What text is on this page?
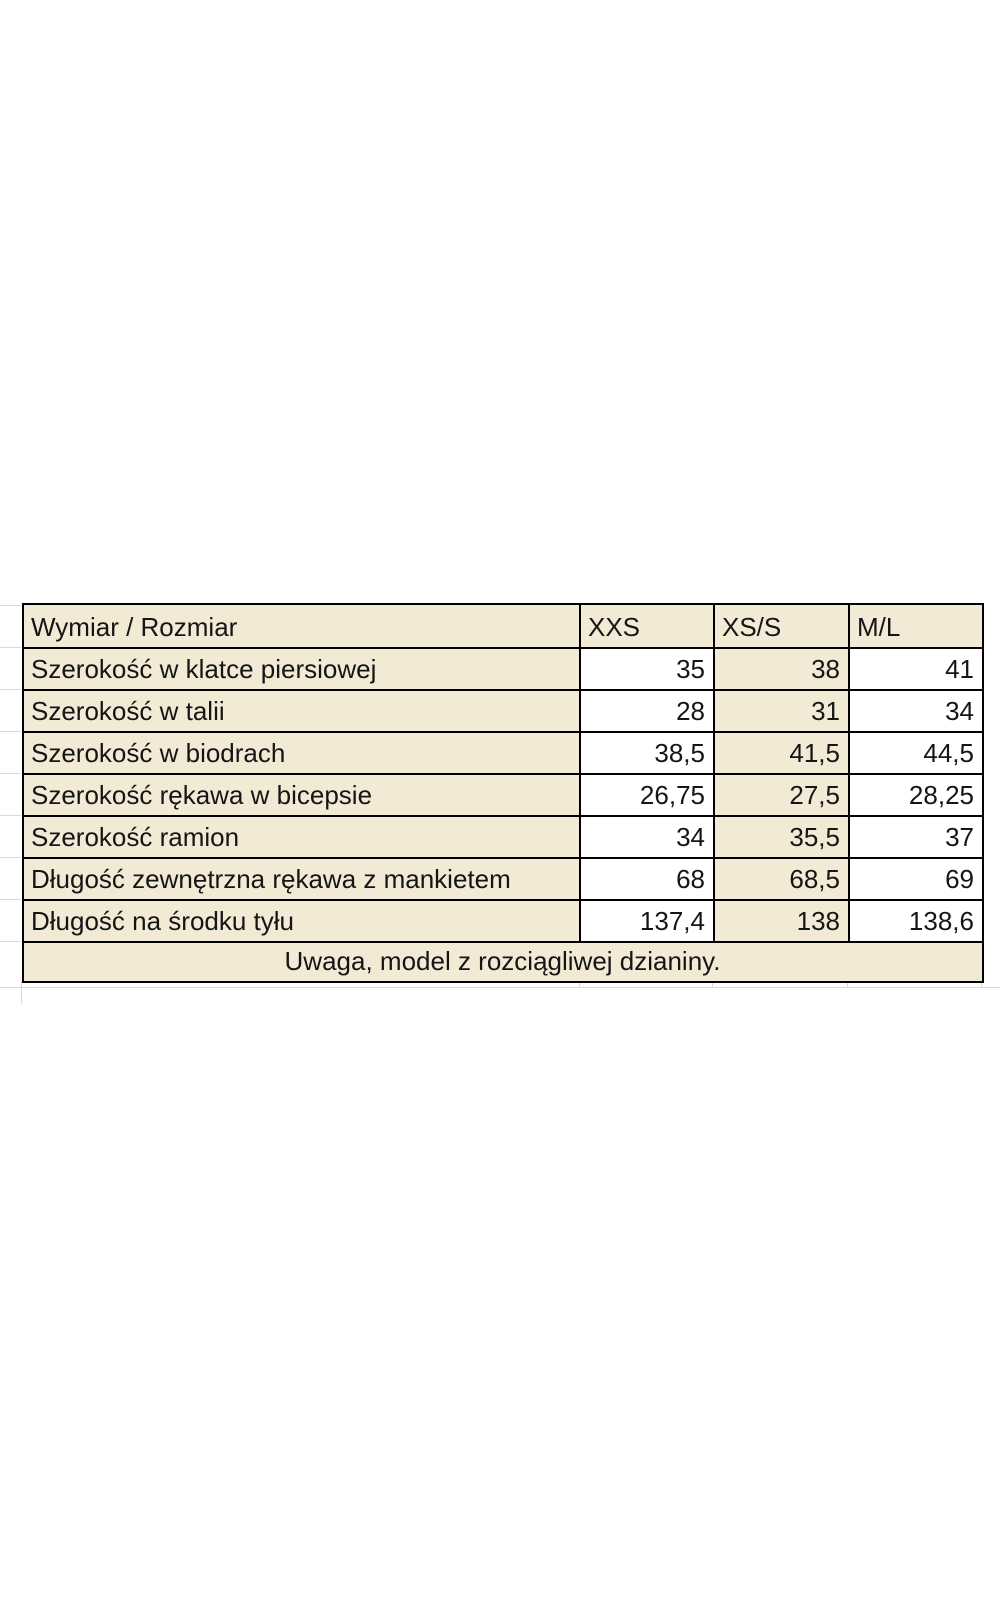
Wymiar / Rozmiar	XXS	XS/S	M/L
Szerokość w klatce piersiowej	35	38	41
Szerokość w talii	28	31	34
Szerokość w biodrach	38,5	41,5	44,5
Szerokość rękawa w bicepsie	26,75	27,5	28,25
Szerokość ramion	34	35,5	37
Długość zewnętrzna rękawa z mankietem	68	68,5	69
Długość na środku tyłu	137,4	138	138,6
Uwaga, model z rozciągliwej dzianiny.			
